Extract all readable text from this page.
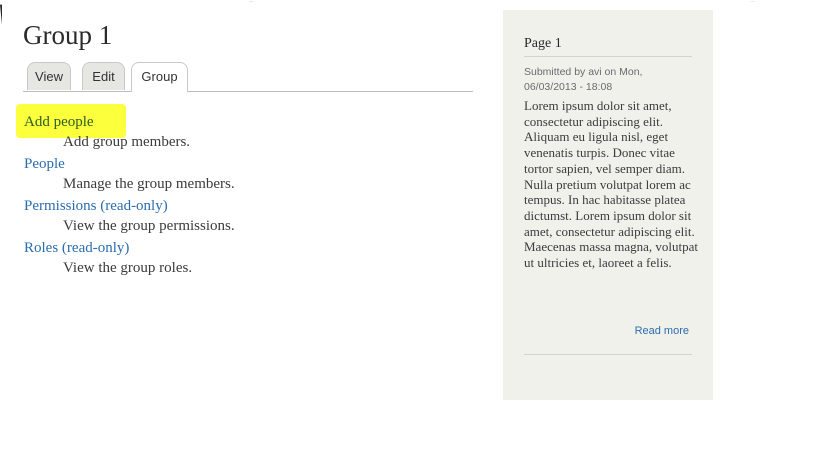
Group 1
View	Edit	Group
Add people
Add group members.
People
Manage the group members.
Permissions (read-only)
View the group permissions.
Roles (read-only)
View the group roles.
Page 1
Submitted by avi on Mon, 06/03/2013 - 18:08
Lorem ipsum dolor sit amet, consectetur adipiscing elit. Aliquam eu ligula nisl, eget venenatis turpis. Donec vitae tortor sapien, vel semper diam. Nulla pretium volutpat lorem ac tempus. In hac habitasse platea dictumst. Lorem ipsum dolor sit amet, consectetur adipiscing elit. Maecenas massa magna, volutpat ut ultricies et, laoreet a felis.
Read more
